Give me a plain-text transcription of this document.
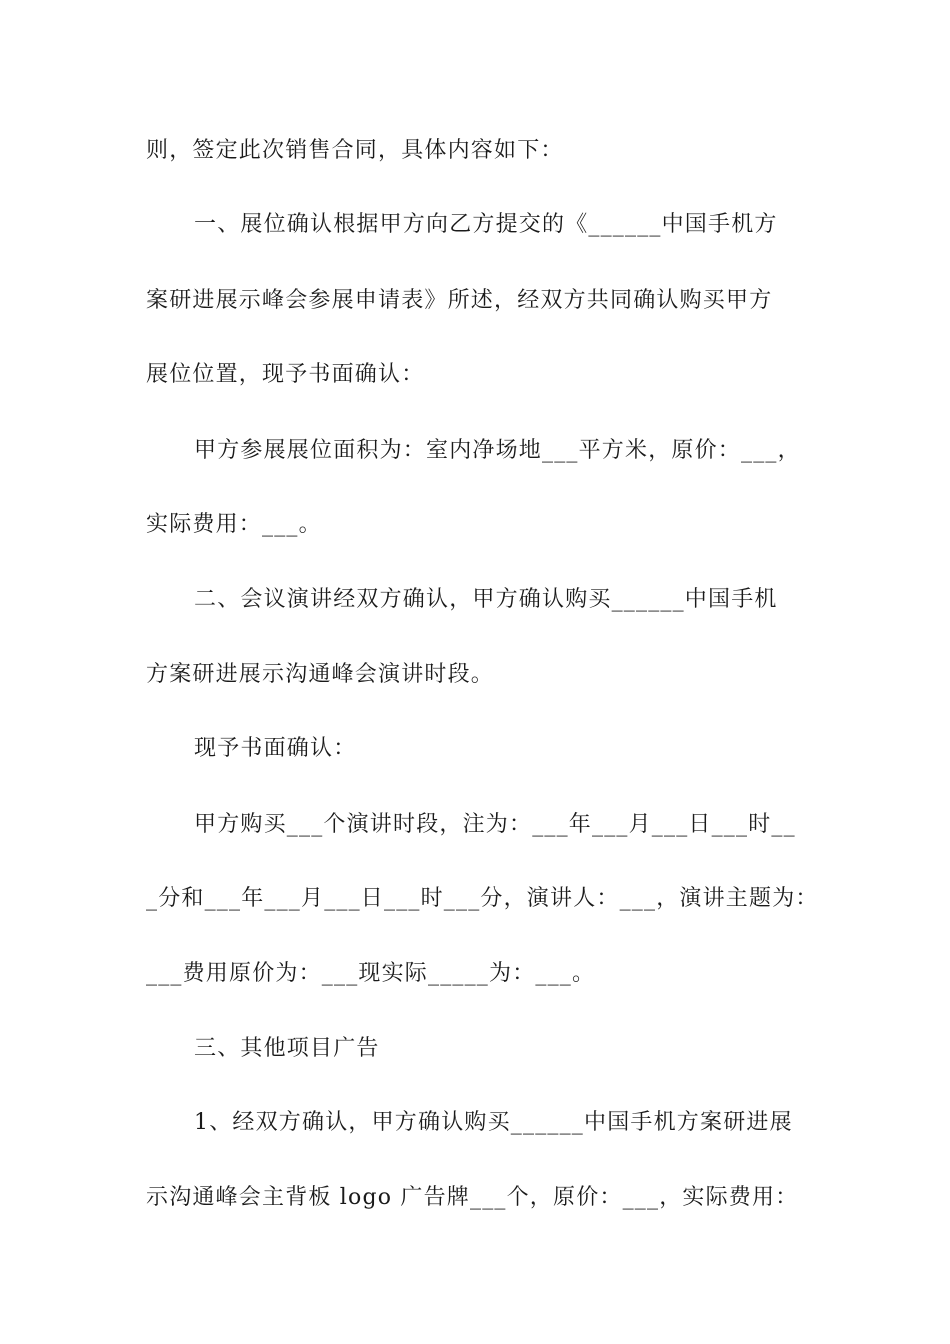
则，签定此次销售合同，具体内容如下：
一、展位确认根据甲方向乙方提交的《______中国手机方
案研进展示峰会参展申请表》所述，经双方共同确认购买甲方
展位位置，现予书面确认：
甲方参展展位面积为：室内净场地___平方米，原价：___，
实际费用：___。
二、会议演讲经双方确认，甲方确认购买______中国手机
方案研进展示沟通峰会演讲时段。
现予书面确认：
甲方购买___个演讲时段，注为：___年___月___日___时__
_分和___年___月___日___时___分，演讲人：___，演讲主题为：
___费用原价为：___现实际_____为：___。
三、其他项目广告
1、经双方确认，甲方确认购买______中国手机方案研进展
示沟通峰会主背板 logo 广告牌___个，原价：___，实际费用：
